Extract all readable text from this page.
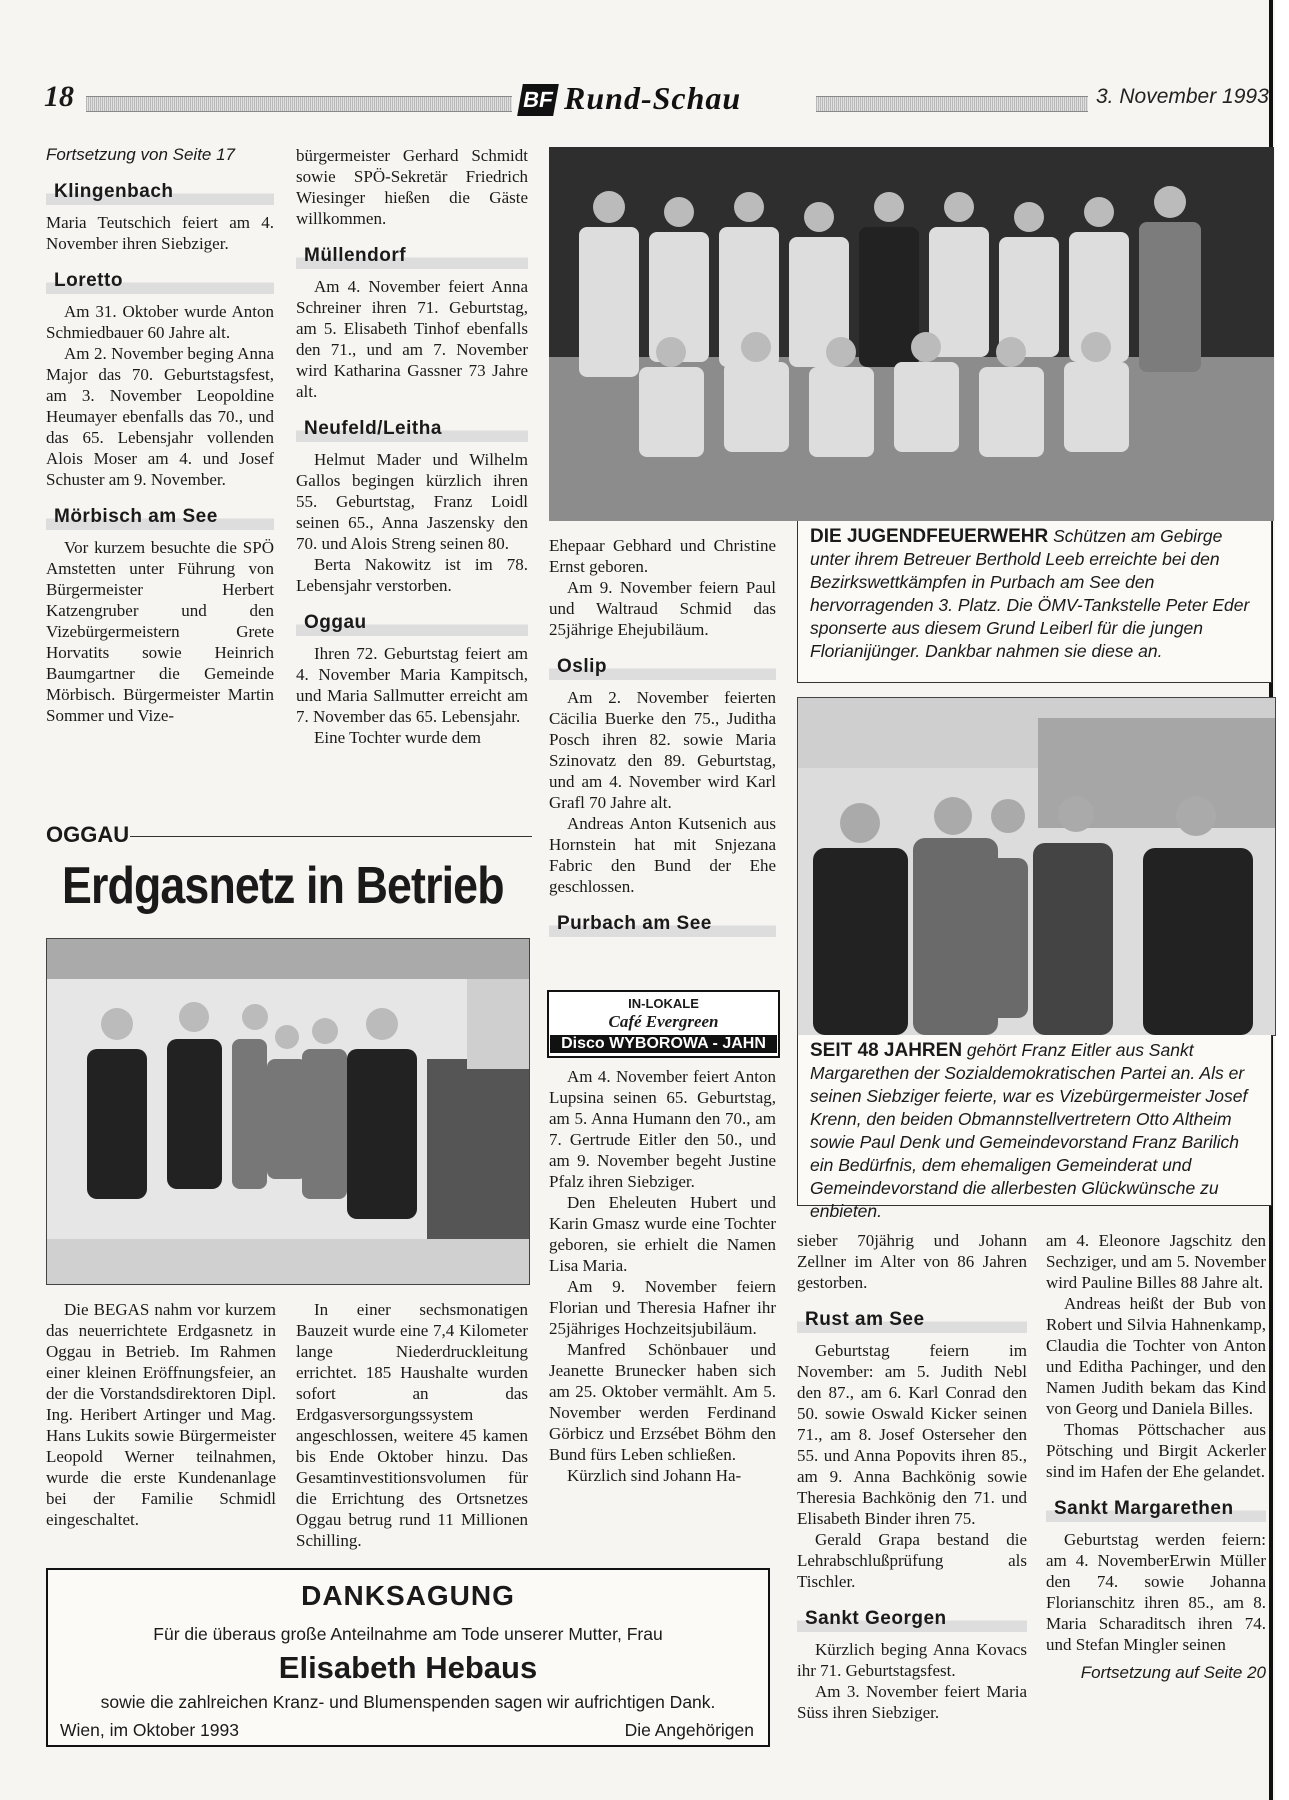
18	BF Rund-Schau	3. November 1993
Fortsetzung von Seite 17
Klingenbach

Maria Teutschich feiert am 4. November ihren Siebziger.

Loretto

Am 31. Oktober wurde Anton Schmiedbauer 60 Jahre alt.

Am 2. November beging Anna Major das 70. Geburtstagsfest, am 3. November Leopoldine Heumayer ebenfalls das 70., und das 65. Lebensjahr vollenden Alois Moser am 4. und Josef Schuster am 9. November.

Mörbisch am See

Vor kurzem besuchte die SPÖ Amstetten unter Führung von Bürgermeister Herbert Katzengruber und den Vizebürgermeistern Grete Horvatits sowie Heinrich Baumgartner die Gemeinde Mörbisch. Bürgermeister Martin Sommer und Vize-

bürgermeister Gerhard Schmidt sowie SPÖ-Sekretär Friedrich Wiesinger hießen die Gäste willkommen.

Müllendorf

Am 4. November feiert Anna Schreiner ihren 71. Geburtstag, am 5. Elisabeth Tinhof ebenfalls den 71., und am 7. November wird Katharina Gassner 73 Jahre alt.

Neufeld/Leitha

Helmut Mader und Wilhelm Gallos begingen kürzlich ihren 55. Geburtstag, Franz Loidl seinen 65., Anna Jaszensky den 70. und Alois Streng seinen 80.

Berta Nakowitz ist im 78. Lebensjahr verstorben.

Oggau

Ihren 72. Geburtstag feiert am 4. November Maria Kampitsch, und Maria Sallmutter erreicht am 7. November das 65. Lebensjahr.

Eine Tochter wurde dem

DIE JUGENDFEUERWEHR Schützen am Gebirge unter ihrem Betreuer Berthold Leeb erreichte bei den Bezirkswettkämpfen in Purbach am See den hervorragenden 3. Platz. Die ÖMV-Tankstelle Peter Eder sponserte aus diesem Grund Leiberl für die jungen Florianijünger. Dankbar nahmen sie diese an.

Ehepaar Gebhard und Christine Ernst geboren.

Am 9. November feiern Paul und Waltraud Schmid das 25jährige Ehejubiläum.

Oslip

Am 2. November feierten Cäcilia Buerke den 75., Juditha Posch ihren 82. sowie Maria Szinovatz den 89. Geburtstag, und am 4. November wird Karl Grafl 70 Jahre alt.

Andreas Anton Kutsenich aus Hornstein hat mit Snjezana Fabric den Bund der Ehe geschlossen.

Purbach am See
IN-LOKALE
Café Evergreen
Disco WYBOROWA - JAHN

Am 4. November feiert Anton Lupsina seinen 65. Geburtstag, am 5. Anna Humann den 70., am 7. Gertrude Eitler den 50., und am 9. November begeht Justine Pfalz ihren Siebziger.

Den Eheleuten Hubert und Karin Gmasz wurde eine Tochter geboren, sie erhielt die Namen Lisa Maria.

Am 9. November feiern Florian und Theresia Hafner ihr 25jähriges Hochzeitsjubiläum.

Manfred Schönbauer und Jeanette Brunecker haben sich am 25. Oktober vermählt. Am 5. November werden Ferdinand Görbicz und Erzsébet Böhm den Bund fürs Leben schließen.

Kürzlich sind Johann Ha-

OGGAU
Erdgasnetz in Betrieb

Die BEGAS nahm vor kurzem das neuerrichtete Erdgasnetz in Oggau in Betrieb. Im Rahmen einer kleinen Eröffnungsfeier, an der die Vorstandsdirektoren Dipl. Ing. Heribert Artinger und Mag. Hans Lukits sowie Bürgermeister Leopold Werner teilnahmen, wurde die erste Kundenanlage bei der Familie Schmidl eingeschaltet.

In einer sechsmonatigen Bauzeit wurde eine 7,4 Kilometer lange Niederdruckleitung errichtet. 185 Haushalte wurden sofort an das Erdgasversorgungssystem angeschlossen, weitere 45 kamen bis Ende Oktober hinzu. Das Gesamtinvestitionsvolumen für die Errichtung des Ortsnetzes Oggau betrug rund 11 Millionen Schilling.

SEIT 48 JAHREN gehört Franz Eitler aus Sankt Margarethen der Sozialdemokratischen Partei an. Als er seinen Siebziger feierte, war es Vizebürgermeister Josef Krenn, den beiden Obmannstellvertretern Otto Altheim sowie Paul Denk und Gemeindevorstand Franz Barilich ein Bedürfnis, dem ehemaligen Gemeinderat und Gemeindevorstand die allerbesten Glückwünsche zu enbieten.

sieber 70jährig und Johann Zellner im Alter von 86 Jahren gestorben.

Rust am See

Geburtstag feiern im November: am 5. Judith Nebl den 87., am 6. Karl Conrad den 50. sowie Oswald Kicker seinen 71., am 8. Josef Osterseher den 55. und Anna Popovits ihren 85., am 9. Anna Bachkönig sowie Theresia Bachkönig den 71. und Elisabeth Binder ihren 75.

Gerald Grapa bestand die Lehrabschlußprüfung als Tischler.

Sankt Georgen

Kürzlich beging Anna Kovacs ihr 71. Geburtstagsfest.

Am 3. November feiert Maria Süss ihren Siebziger.

am 4. Eleonore Jagschitz den Sechziger, und am 5. November wird Pauline Billes 88 Jahre alt.

Andreas heißt der Bub von Robert und Silvia Hahnenkamp, Claudia die Tochter von Anton und Editha Pachinger, und den Namen Judith bekam das Kind von Georg und Daniela Billes.

Thomas Pöttschacher aus Pötsching und Birgit Ackerler sind im Hafen der Ehe gelandet.

Sankt Margarethen

Geburtstag werden feiern: am 4. NovemberErwin Müller den 74. sowie Johanna Florianschitz ihren 85., am 8. Maria Scharaditsch ihren 74. und Stefan Mingler seinen

Fortsetzung auf Seite 20
DANKSAGUNG
Für die überaus große Anteilnahme am Tode unserer Mutter, Frau
Elisabeth Hebaus
sowie die zahlreichen Kranz- und Blumenspenden sagen wir aufrichtigen Dank.
Wien, im Oktober 1993	Die Angehörigen
